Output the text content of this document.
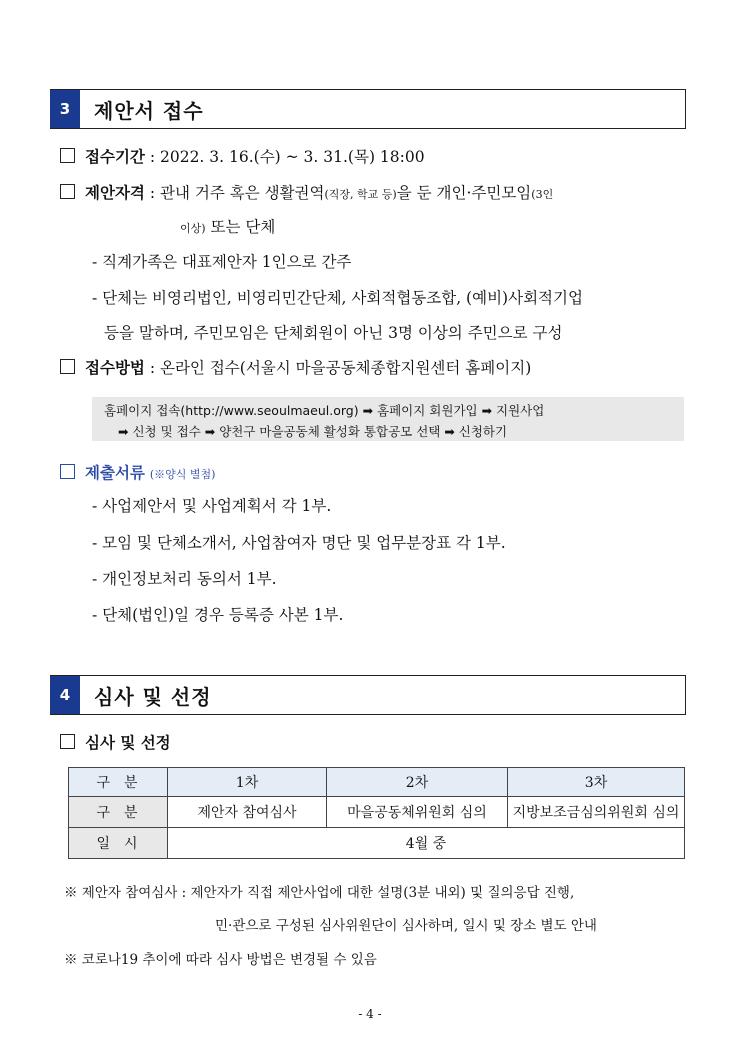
3	제안서 접수
접수기간 : 2022. 3. 16.(수) ~ 3. 31.(목) 18:00
제안자격 : 관내 거주 혹은 생활권역(직장, 학교 등)을 둔 개인·주민모임(3인
이상) 또는 단체
- 직계가족은 대표제안자 1인으로 간주
- 단체는 비영리법인, 비영리민간단체, 사회적협동조합, (예비)사회적기업
등을 말하며, 주민모임은 단체회원이 아닌 3명 이상의 주민으로 구성
접수방법 : 온라인 접수(서울시 마을공동체종합지원센터 홈페이지)
홈페이지 접속(http://www.seoulmaeul.org) ➡ 홈페이지 회원가입 ➡ 지원사업
➡ 신청 및 접수 ➡ 양천구 마을공동체 활성화 통합공모 선택 ➡ 신청하기
제출서류 (※양식 별첨)
- 사업제안서 및 사업계획서 각 1부.
- 모임 및 단체소개서, 사업참여자 명단 및 업무분장표 각 1부.
- 개인정보처리 동의서 1부.
- 단체(법인)일 경우 등록증 사본 1부.
4	심사 및 선정
심사 및 선정
구분	1차	2차	3차
구분	제안자 참여심사	마을공동체위원회 심의	지방보조금심의위원회 심의
일시	4월 중		
※ 제안자 참여심사 : 제안자가 직접 제안사업에 대한 설명(3분 내외) 및 질의응답 진행,
민·관으로 구성된 심사위원단이 심사하며, 일시 및 장소 별도 안내
※ 코로나19 추이에 따라 심사 방법은 변경될 수 있음
- 4 -
